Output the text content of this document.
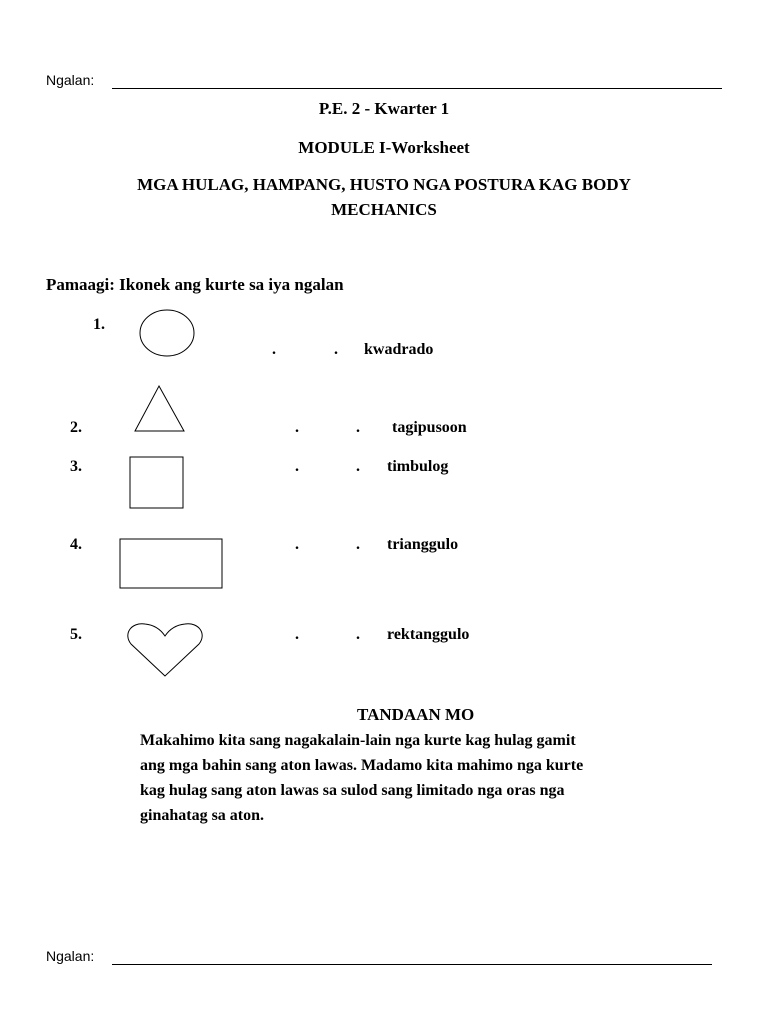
Ngalan:
P.E. 2 - Kwarter 1
MODULE I-Worksheet
MGA HULAG, HAMPANG, HUSTO NGA POSTURA KAG BODY
MECHANICS
Pamaagi: Ikonek ang kurte sa iya ngalan
1.
.	. kwadrado
2.	.	. tagipusoon
3.	.	. timbulog
4.	.	. trianggulo
5.	.	. rektanggulo
TANDAAN MO
Makahimo kita sang nagakalain-lain nga kurte kag hulag gamit
ang mga bahin sang aton lawas. Madamo kita mahimo nga kurte
kag hulag sang aton lawas sa sulod sang limitado nga oras nga
ginahatag sa aton.
Ngalan:
